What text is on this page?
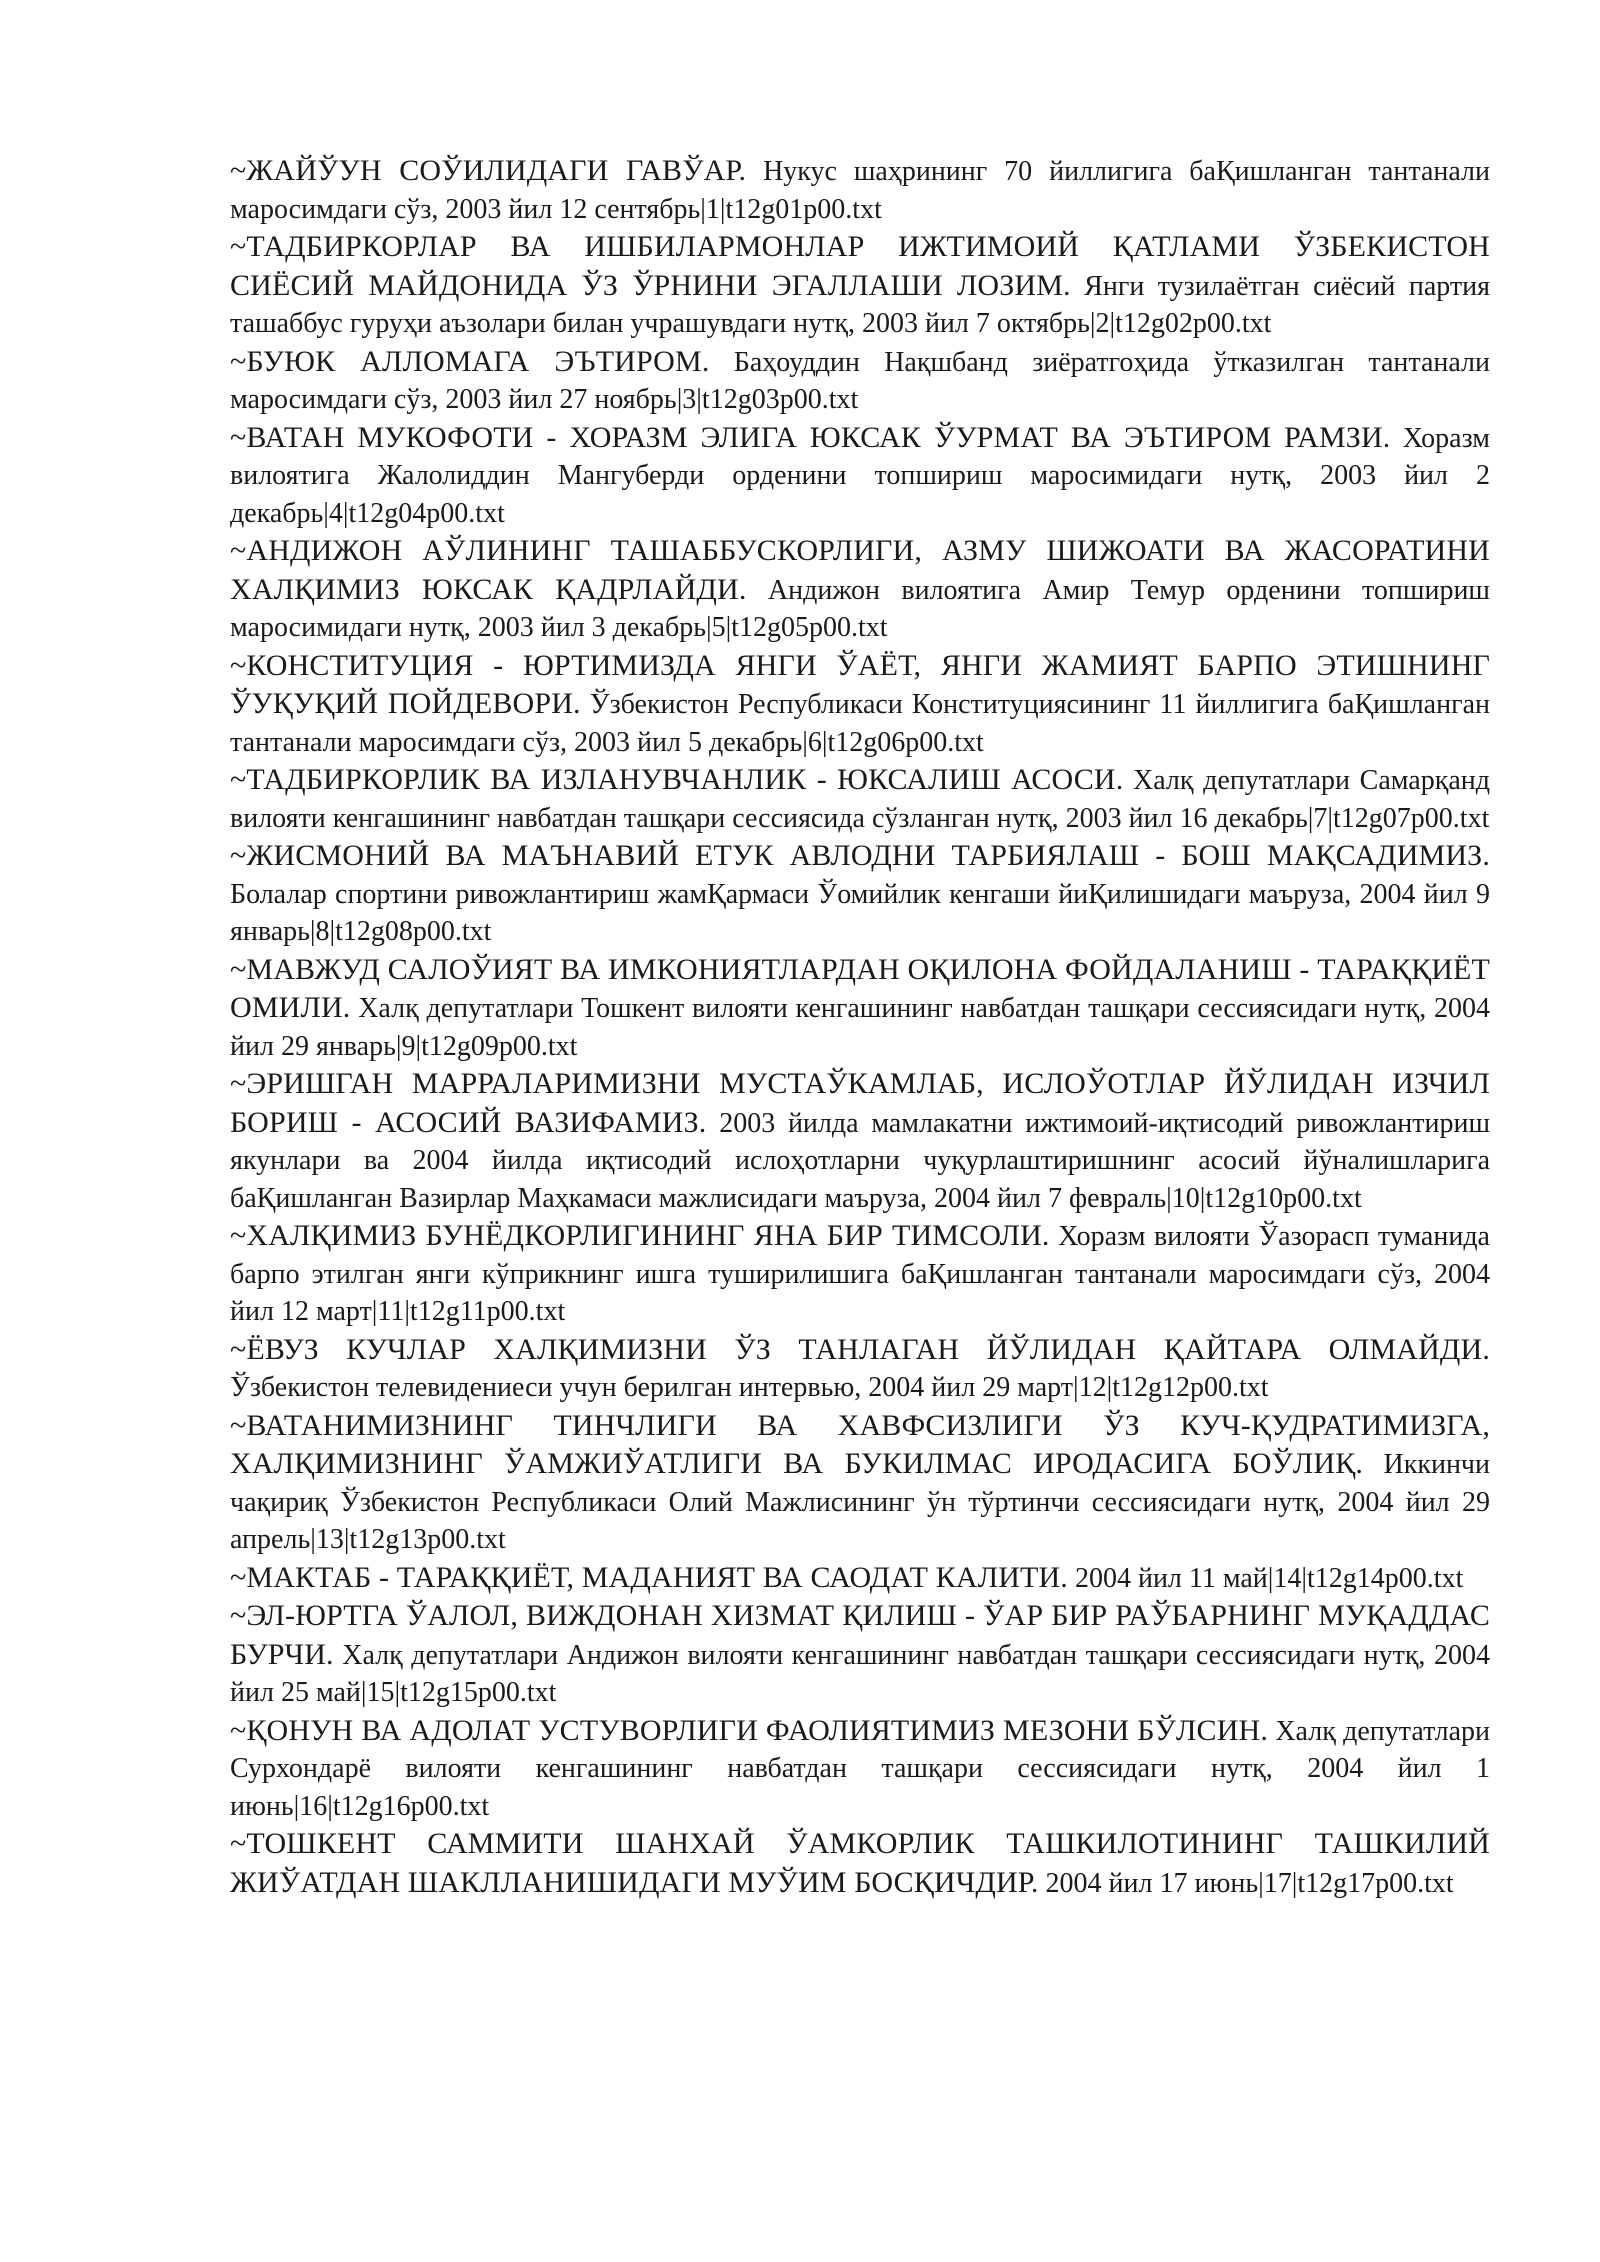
~ЖАЙЎУН СОЎИЛИДАГИ ГАВЎАР. Нукус шаҳрининг 70 йиллигига баҚишланган тантанали маросимдаги сўз, 2003 йил 12 сентябрь|1|t12g01p00.txt

~ТАДБИРКОРЛАР ВА ИШБИЛАРМОНЛАР ИЖТИМОИЙ ҚАТЛАМИ ЎЗБЕКИСТОН СИЁСИЙ МАЙДОНИДА ЎЗ ЎРНИНИ ЭГАЛЛАШИ ЛОЗИМ. Янги тузилаётган сиёсий партия ташаббус гуруҳи аъзолари билан учрашувдаги нутқ, 2003 йил 7 октябрь|2|t12g02p00.txt

~БУЮК АЛЛОМАГА ЭЪТИРОМ. Баҳоуддин Нақшбанд зиёратгоҳида ўтказилган тантанали маросимдаги сўз, 2003 йил 27 ноябрь|3|t12g03p00.txt

~ВАТАН МУКОФОТИ - ХОРАЗМ ЭЛИГА ЮКСАК ЎУРМАТ ВА ЭЪТИРОМ РАМЗИ. Хоразм вилоятига Жалолиддин Мангуберди орденини топшириш маросимидаги нутқ, 2003 йил 2 декабрь|4|t12g04p00.txt

~АНДИЖОН АЎЛИНИНГ ТАШАББУСКОРЛИГИ, АЗМУ ШИЖОАТИ ВА ЖАСОРАТИНИ ХАЛҚИМИЗ ЮКСАК ҚАДРЛАЙДИ. Андижон вилоятига Амир Темур орденини топшириш маросимидаги нутқ, 2003 йил 3 декабрь|5|t12g05p00.txt

~КОНСТИТУЦИЯ - ЮРТИМИЗДА ЯНГИ ЎАЁТ, ЯНГИ ЖАМИЯТ БАРПО ЭТИШНИНГ ЎУҚУҚИЙ ПОЙДЕВОРИ. Ўзбекистон Республикаси Конституциясининг 11 йиллигига баҚишланган тантанали маросимдаги сўз, 2003 йил 5 декабрь|6|t12g06p00.txt

~ТАДБИРКОРЛИК ВА ИЗЛАНУВЧАНЛИК - ЮКСАЛИШ АСОСИ. Халқ депутатлари Самарқанд вилояти кенгашининг навбатдан ташқари сессиясида сўзланган нутқ, 2003 йил 16 декабрь|7|t12g07p00.txt

~ЖИСМОНИЙ ВА МАЪНАВИЙ ЕТУК АВЛОДНИ ТАРБИЯЛАШ - БОШ МАҚСАДИМИЗ. Болалар спортини ривожлантириш жамҚармаси Ўомийлик кенгаши йиҚилишидаги маъруза, 2004 йил 9 январь|8|t12g08p00.txt

~МАВЖУД САЛОЎИЯТ ВА ИМКОНИЯТЛАРДАН ОҚИЛОНА ФОЙДАЛАНИШ - ТАРАҚҚИЁТ ОМИЛИ. Халқ депутатлари Тошкент вилояти кенгашининг навбатдан ташқари сессиясидаги нутқ, 2004 йил 29 январь|9|t12g09p00.txt

~ЭРИШГАН МАРРАЛАРИМИЗНИ МУСТАЎКАМЛАБ, ИСЛОЎОТЛАР ЙЎЛИДАН ИЗЧИЛ БОРИШ - АСОСИЙ ВАЗИФАМИЗ. 2003 йилда мамлакатни ижтимоий-иқтисодий ривожлантириш якунлари ва 2004 йилда иқтисодий ислоҳотларни чуқурлаштиришнинг асосий йўналишларига баҚишланган Вазирлар Маҳкамаси мажлисидаги маъруза, 2004 йил 7 февраль|10|t12g10p00.txt

~ХАЛҚИМИЗ БУНЁДКОРЛИГИНИНГ ЯНА БИР ТИМСОЛИ. Хоразм вилояти Ўазорасп туманида барпо этилган янги кўприкнинг ишга туширилишига баҚишланган тантанали маросимдаги сўз, 2004 йил 12 март|11|t12g11p00.txt

~ЁВУЗ КУЧЛАР ХАЛҚИМИЗНИ ЎЗ ТАНЛАГАН ЙЎЛИДАН ҚАЙТАРА ОЛМАЙДИ. Ўзбекистон телевидениеси учун берилган интервью, 2004 йил 29 март|12|t12g12p00.txt

~ВАТАНИМИЗНИНГ ТИНЧЛИГИ ВА ХАВФСИЗЛИГИ ЎЗ КУЧ-ҚУДРАТИМИЗГА, ХАЛҚИМИЗНИНГ ЎАМЖИЎАТЛИГИ ВА БУКИЛМАС ИРОДАСИГА БОЎЛИҚ. Иккинчи чақириқ Ўзбекистон Республикаси Олий Мажлисининг ўн тўртинчи сессиясидаги нутқ, 2004 йил 29 апрель|13|t12g13p00.txt

~МАКТАБ - ТАРАҚҚИЁТ, МАДАНИЯТ ВА САОДАТ КАЛИТИ. 2004 йил 11 май|14|t12g14p00.txt

~ЭЛ-ЮРТГА ЎАЛОЛ, ВИЖДОНАН ХИЗМАТ ҚИЛИШ - ЎАР БИР РАЎБАРНИНГ МУҚАДДАС БУРЧИ. Халқ депутатлари Андижон вилояти кенгашининг навбатдан ташқари сессиясидаги нутқ, 2004 йил 25 май|15|t12g15p00.txt

~ҚОНУН ВА АДОЛАТ УСТУВОРЛИГИ ФАОЛИЯТИМИЗ МЕЗОНИ БЎЛСИН. Халқ депутатлари Сурхондарё вилояти кенгашининг навбатдан ташқари сессиясидаги нутқ, 2004 йил 1 июнь|16|t12g16p00.txt

~ТОШКЕНТ САММИТИ ШАНХАЙ ЎАМКОРЛИК ТАШКИЛОТИНИНГ ТАШКИЛИЙ ЖИЎАТДАН ШАКЛЛАНИШИДАГИ МУЎИМ БОСҚИЧДИР. 2004 йил 17 июнь|17|t12g17p00.txt
